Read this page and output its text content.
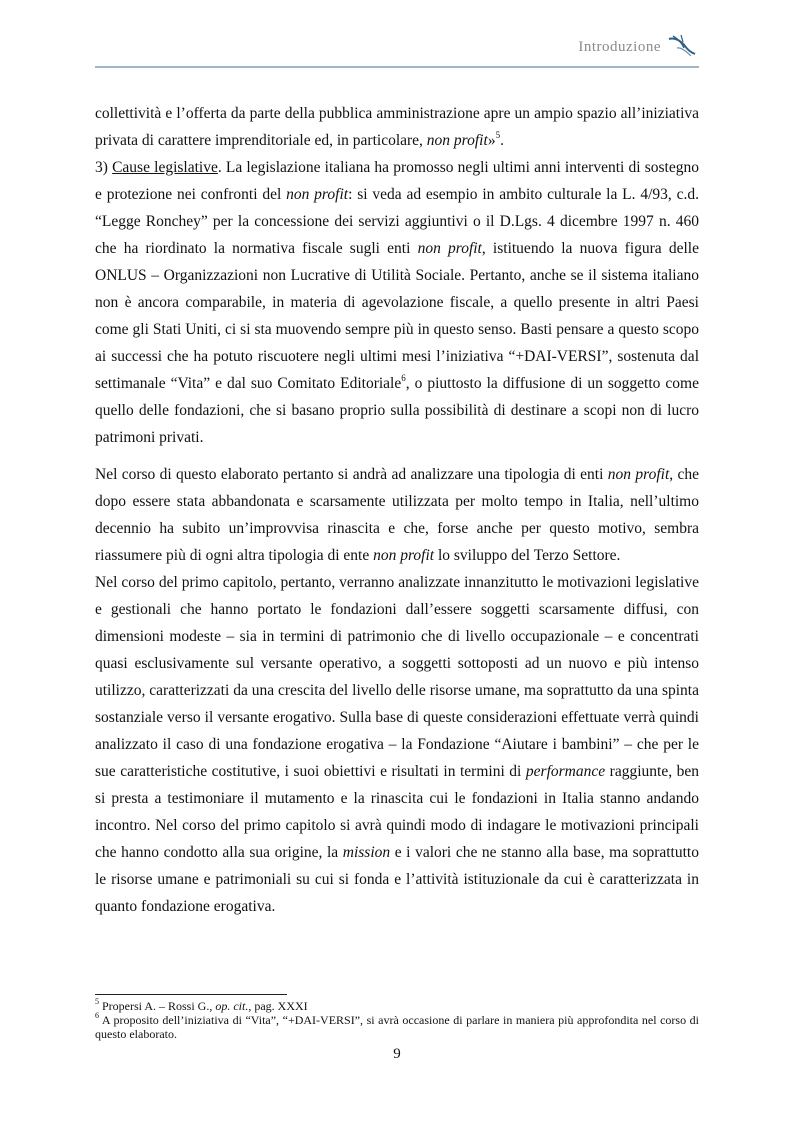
Introduzione

collettività e l’offerta da parte della pubblica amministrazione apre un ampio spazio all’iniziativa privata di carattere imprenditoriale ed, in particolare, non profit»$^5$.

3) Cause legislative. La legislazione italiana ha promosso negli ultimi anni interventi di sostegno e protezione nei confronti del non profit: si veda ad esempio in ambito culturale la L. 4/93, c.d. “Legge Ronchey” per la concessione dei servizi aggiuntivi o il D.Lgs. 4 dicembre 1997 n. 460 che ha riordinato la normativa fiscale sugli enti non profit, istituendo la nuova figura delle ONLUS – Organizzazioni non Lucrative di Utilità Sociale. Pertanto, anche se il sistema italiano non è ancora comparabile, in materia di agevolazione fiscale, a quello presente in altri Paesi come gli Stati Uniti, ci si sta muovendo sempre più in questo senso. Basti pensare a questo scopo ai successi che ha potuto riscuotere negli ultimi mesi l’iniziativa “+DAI-VERSI”, sostenuta dal settimanale “Vita” e dal suo Comitato Editoriale$^6$, o piuttosto la diffusione di un soggetto come quello delle fondazioni, che si basano proprio sulla possibilità di destinare a scopi non di lucro patrimoni privati.

Nel corso di questo elaborato pertanto si andrà ad analizzare una tipologia di enti non profit, che dopo essere stata abbandonata e scarsamente utilizzata per molto tempo in Italia, nell’ultimo decennio ha subito un’improvvisa rinascita e che, forse anche per questo motivo, sembra riassumere più di ogni altra tipologia di ente non profit lo sviluppo del Terzo Settore.

Nel corso del primo capitolo, pertanto, verranno analizzate innanzitutto le motivazioni legislative e gestionali che hanno portato le fondazioni dall’essere soggetti scarsamente diffusi, con dimensioni modeste – sia in termini di patrimonio che di livello occupazionale – e concentrati quasi esclusivamente sul versante operativo, a soggetti sottoposti ad un nuovo e più intenso utilizzo, caratterizzati da una crescita del livello delle risorse umane, ma soprattutto da una spinta sostanziale verso il versante erogativo. Sulla base di queste considerazioni effettuate verrà quindi analizzato il caso di una fondazione erogativa – la Fondazione “Aiutare i bambini” – che per le sue caratteristiche costitutive, i suoi obiettivi e risultati in termini di performance raggiunte, ben si presta a testimoniare il mutamento e la rinascita cui le fondazioni in Italia stanno andando incontro. Nel corso del primo capitolo si avrà quindi modo di indagare le motivazioni principali che hanno condotto alla sua origine, la mission e i valori che ne stanno alla base, ma soprattutto le risorse umane e patrimoniali su cui si fonda e l’attività istituzionale da cui è caratterizzata in quanto fondazione erogativa.

$^5$ Propersi A. – Rossi G., op. cit., pag. XXXI

$^6$ A proposito dell’iniziativa di “Vita”, “+DAI-VERSI”, si avrà occasione di parlare in maniera più approfondita nel corso di questo elaborato.

9
